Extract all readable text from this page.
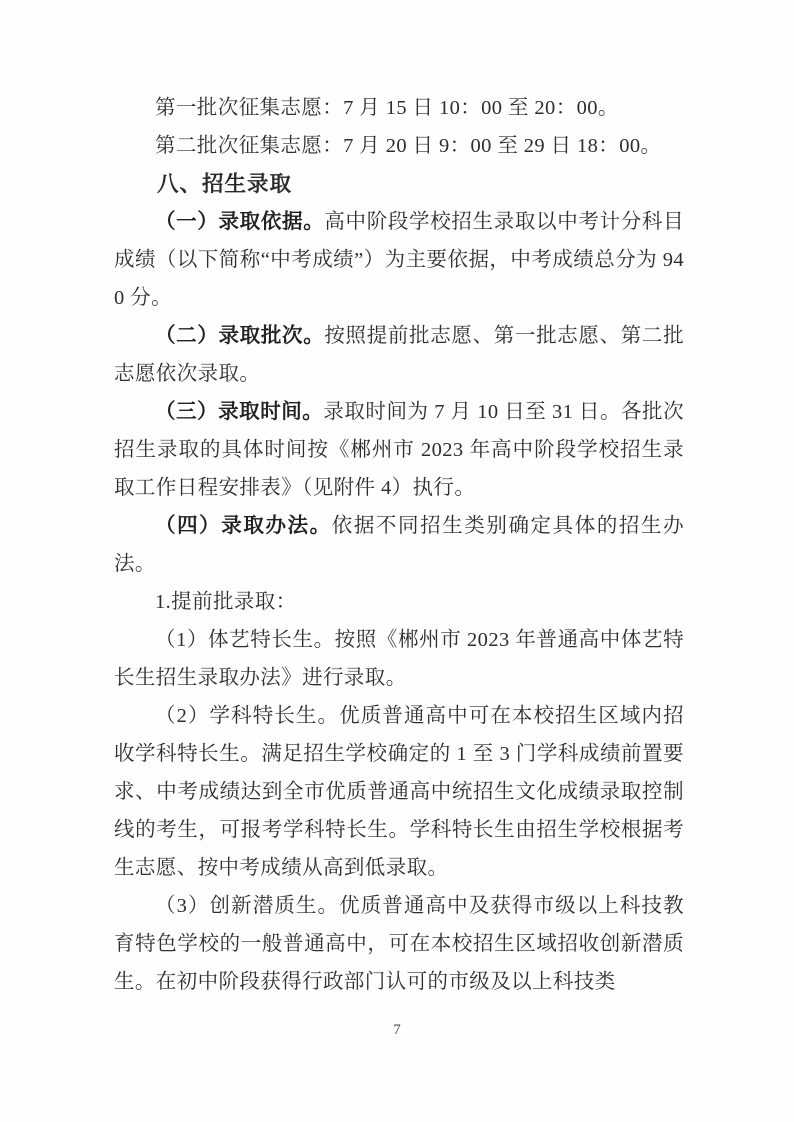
第一批次征集志愿：7 月 15 日 10：00 至 20：00。

第二批次征集志愿：7 月 20 日 9：00 至 29 日 18：00。

八、招生录取

（一）录取依据。高中阶段学校招生录取以中考计分科目成绩（以下简称“中考成绩”）为主要依据，中考成绩总分为 940 分。

（二）录取批次。按照提前批志愿、第一批志愿、第二批志愿依次录取。

（三）录取时间。录取时间为 7 月 10 日至 31 日。各批次招生录取的具体时间按《郴州市 2023 年高中阶段学校招生录取工作日程安排表》（见附件 4）执行。

（四）录取办法。依据不同招生类别确定具体的招生办法。

1.提前批录取：

（1）体艺特长生。按照《郴州市 2023 年普通高中体艺特长生招生录取办法》进行录取。

（2）学科特长生。优质普通高中可在本校招生区域内招收学科特长生。满足招生学校确定的 1 至 3 门学科成绩前置要求、中考成绩达到全市优质普通高中统招生文化成绩录取控制线的考生，可报考学科特长生。学科特长生由招生学校根据考生志愿、按中考成绩从高到低录取。

（3）创新潜质生。优质普通高中及获得市级以上科技教育特色学校的一般普通高中，可在本校招生区域招收创新潜质生。在初中阶段获得行政部门认可的市级及以上科技类

7
